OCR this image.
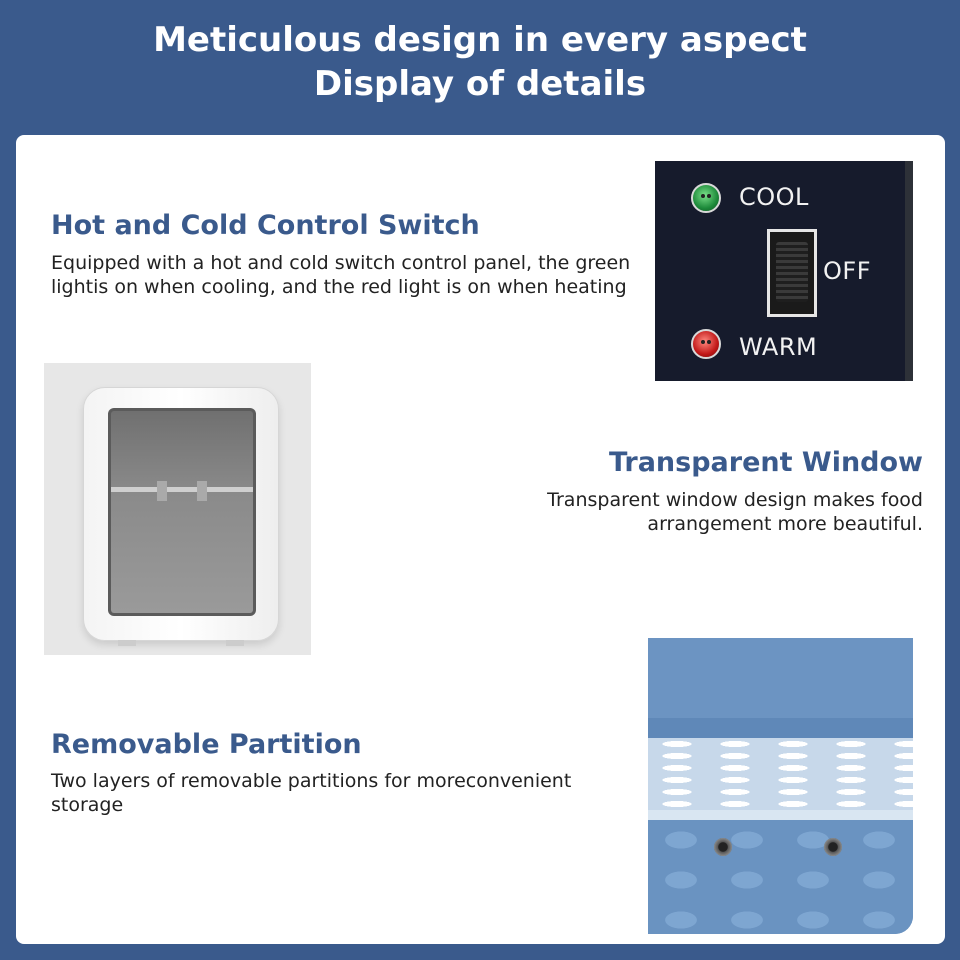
Meticulous design in every aspect
Display of details
Hot and Cold Control Switch

Equipped with a hot and cold switch control panel, the green lightis on when cooling, and the red light is on when heating

COOL
OFF
WARM
Transparent Window

Transparent window design makes food arrangement more beautiful.

Removable Partition

Two layers of removable partitions for moreconvenient storage
